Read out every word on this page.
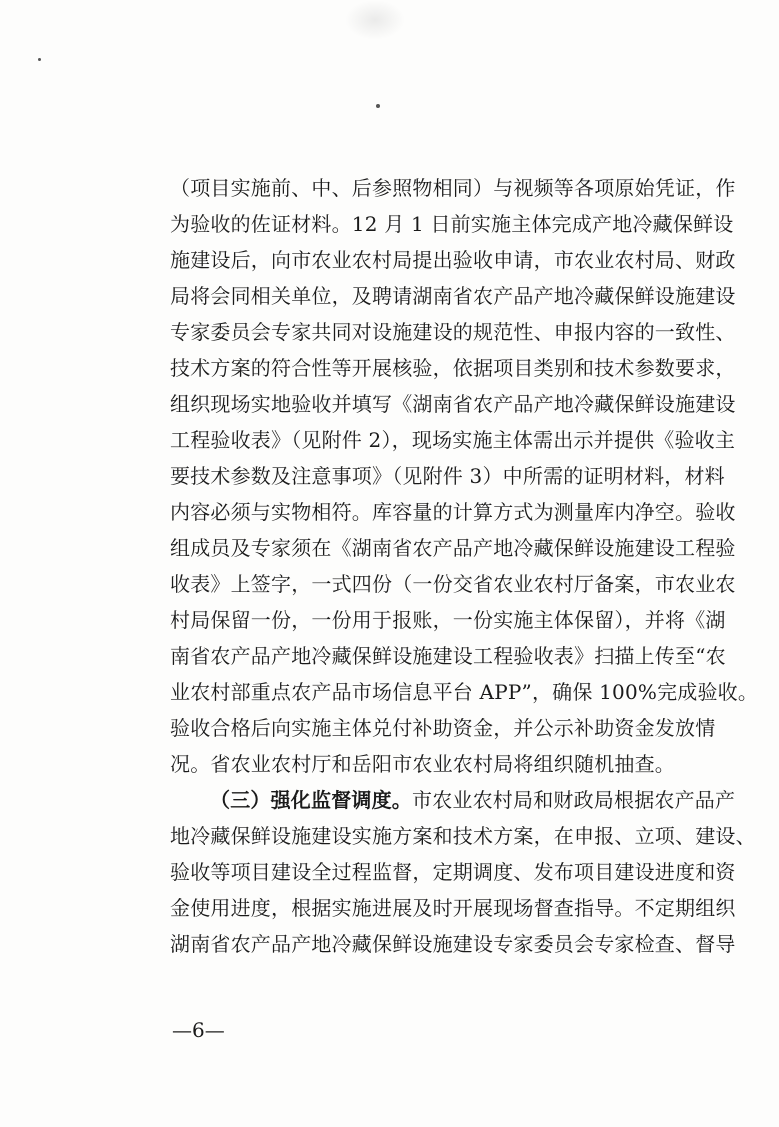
（项目实施前、中、后参照物相同）与视频等各项原始凭证，作
为验收的佐证材料。12 月 1 日前实施主体完成产地冷藏保鲜设
施建设后，向市农业农村局提出验收申请，市农业农村局、财政
局将会同相关单位，及聘请湖南省农产品产地冷藏保鲜设施建设
专家委员会专家共同对设施建设的规范性、申报内容的一致性、
技术方案的符合性等开展核验，依据项目类别和技术参数要求，
组织现场实地验收并填写《湖南省农产品产地冷藏保鲜设施建设
工程验收表》（见附件 2），现场实施主体需出示并提供《验收主
要技术参数及注意事项》（见附件 3）中所需的证明材料，材料
内容必须与实物相符。库容量的计算方式为测量库内净空。验收
组成员及专家须在《湖南省农产品产地冷藏保鲜设施建设工程验
收表》上签字，一式四份（一份交省农业农村厅备案，市农业农
村局保留一份，一份用于报账，一份实施主体保留），并将《湖
南省农产品产地冷藏保鲜设施建设工程验收表》扫描上传至“农
业农村部重点农产品市场信息平台 APP”，确保 100%完成验收。
验收合格后向实施主体兑付补助资金，并公示补助资金发放情
况。省农业农村厅和岳阳市农业农村局将组织随机抽查。
（三）强化监督调度。市农业农村局和财政局根据农产品产
地冷藏保鲜设施建设实施方案和技术方案，在申报、立项、建设、
验收等项目建设全过程监督，定期调度、发布项目建设进度和资
金使用进度，根据实施进展及时开展现场督查指导。不定期组织
湖南省农产品产地冷藏保鲜设施建设专家委员会专家检查、督导
—6—
